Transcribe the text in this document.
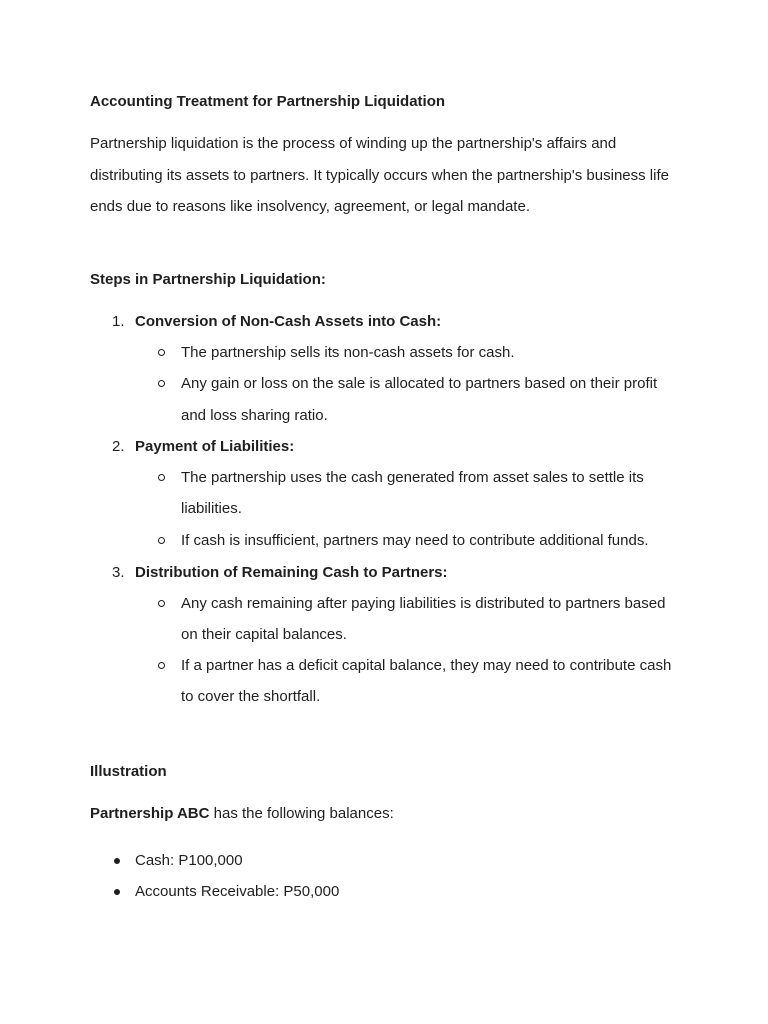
Accounting Treatment for Partnership Liquidation
Partnership liquidation is the process of winding up the partnership's affairs and
distributing its assets to partners. It typically occurs when the partnership's business life
ends due to reasons like insolvency, agreement, or legal mandate.
Steps in Partnership Liquidation:
1. Conversion of Non-Cash Assets into Cash:
The partnership sells its non-cash assets for cash.
Any gain or loss on the sale is allocated to partners based on their profit
and loss sharing ratio.
2. Payment of Liabilities:
The partnership uses the cash generated from asset sales to settle its
liabilities.
If cash is insufficient, partners may need to contribute additional funds.
3. Distribution of Remaining Cash to Partners:
Any cash remaining after paying liabilities is distributed to partners based
on their capital balances.
If a partner has a deficit capital balance, they may need to contribute cash
to cover the shortfall.
Illustration
Partnership ABC has the following balances:
Cash: P100,000
Accounts Receivable: P50,000
